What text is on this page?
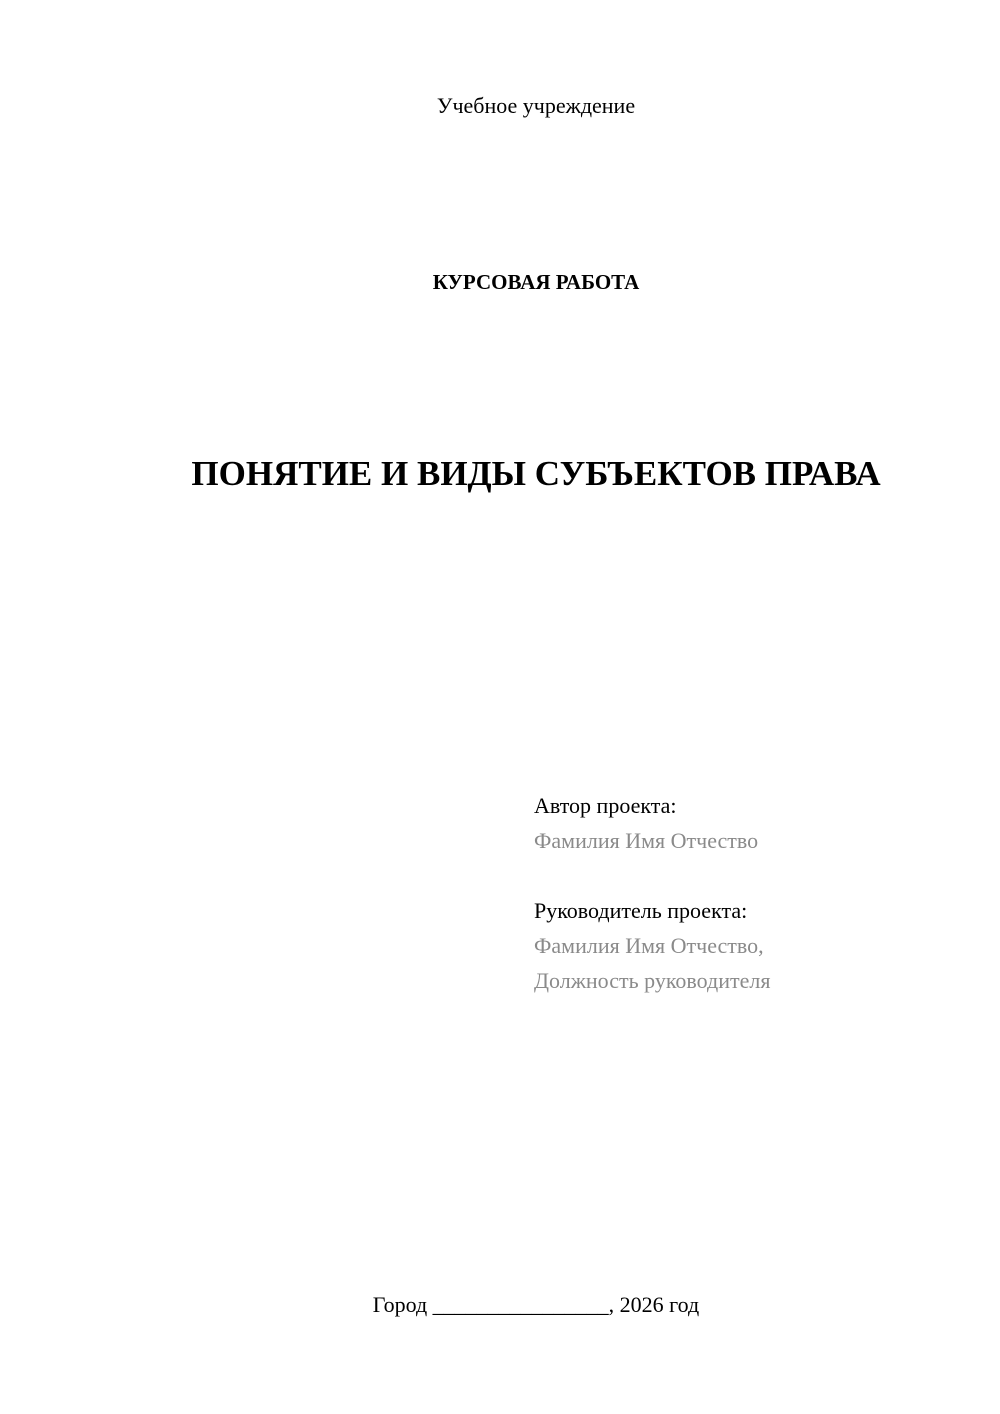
Учебное учреждение
КУРСОВАЯ РАБОТА
ПОНЯТИЕ И ВИДЫ СУБЪЕКТОВ ПРАВА
Автор проекта:
Фамилия Имя Отчество
Руководитель проекта:
Фамилия Имя Отчество,
Должность руководителя
Город ________________, 2026 год
